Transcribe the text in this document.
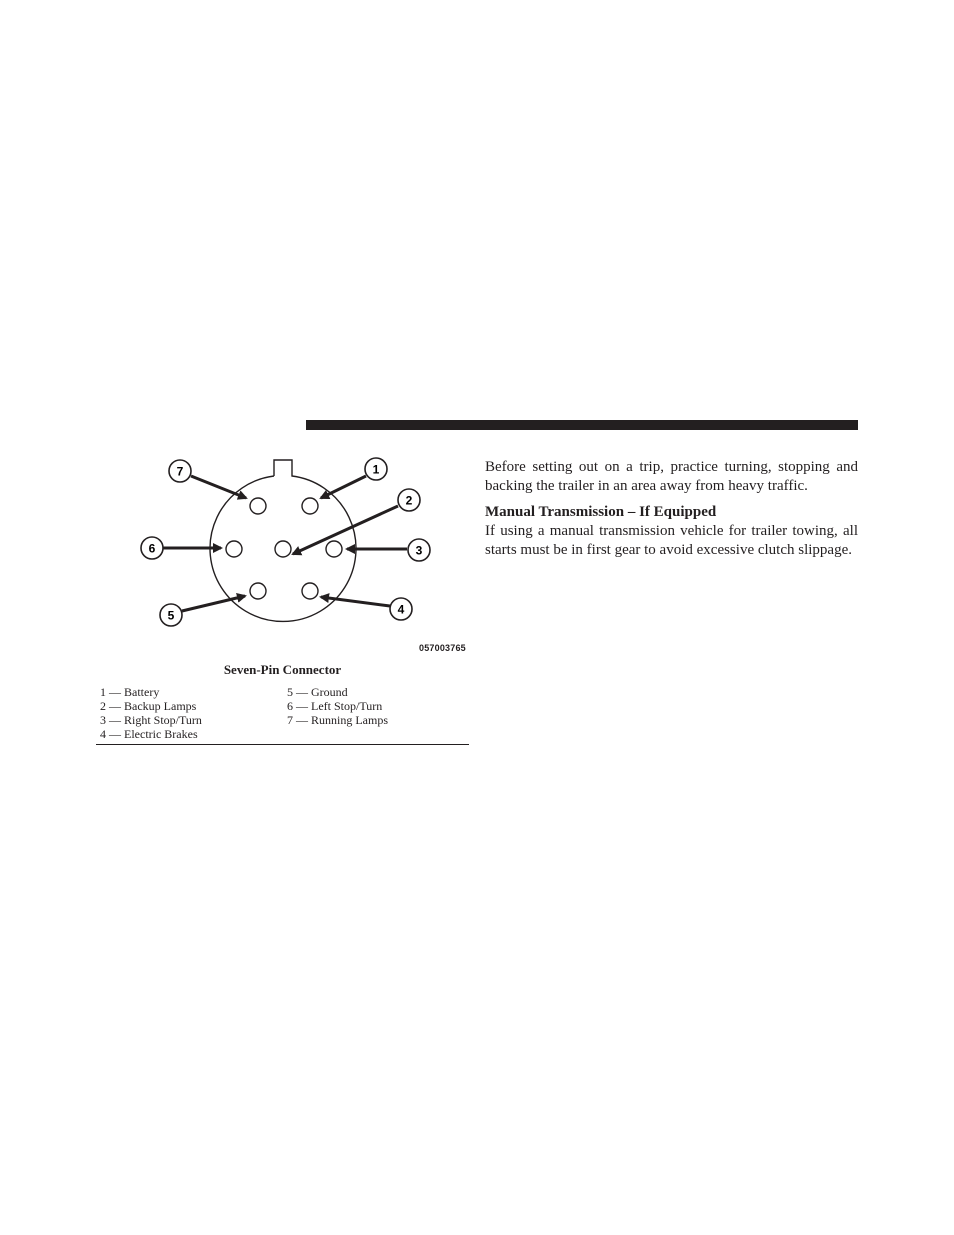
7	1
2
6	3
5	4
057003765
Seven-Pin Connector
1 — Battery
2 — Backup Lamps
3 — Right Stop/Turn
4 — Electric Brakes
5 — Ground
6 — Left Stop/Turn
7 — Running Lamps

Before setting out on a trip, practice turning, stopping and backing the trailer in an area away from heavy traffic.

Manual Transmission – If Equipped

If using a manual transmission vehicle for trailer towing, all starts must be in first gear to avoid excessive clutch slippage.
